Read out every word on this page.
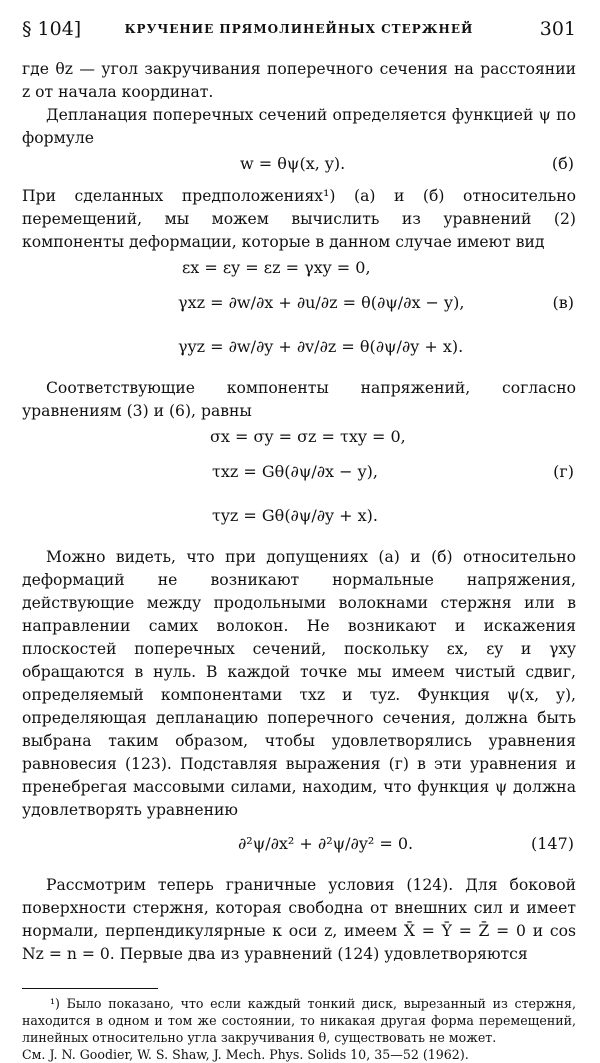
§ 104]	КРУЧЕНИЕ ПРЯМОЛИНЕЙНЫХ СТЕРЖНЕЙ	301

где θz — угол закручивания поперечного сечения на расстоянии z от начала координат.

Депланация поперечных сечений определяется функцией ψ по формуле

w = θψ(x, y).	(б)

При сделанных предположениях¹) (а) и (б) относительно перемещений, мы можем вычислить из уравнений (2) компоненты деформации, которые в данном случае имеют вид

εx = εy = εz = γxy = 0,
γxz = ∂w/∂x + ∂u/∂z = θ(∂ψ/∂x − y),	(в)
γyz = ∂w/∂y + ∂v/∂z = θ(∂ψ/∂y + x).

Соответствующие компоненты напряжений, согласно уравнениям (3) и (6), равны

σx = σy = σz = τxy = 0,
τxz = Gθ(∂ψ/∂x − y),	(г)
τyz = Gθ(∂ψ/∂y + x).

Можно видеть, что при допущениях (а) и (б) относительно деформаций не возникают нормальные напряжения, действующие между продольными волокнами стержня или в направлении самих волокон. Не возникают и искажения плоскостей поперечных сечений, поскольку εx, εy и γxy обращаются в нуль. В каждой точке мы имеем чистый сдвиг, определяемый компонентами τxz и τyz. Функция ψ(x, y), определяющая депланацию поперечного сечения, должна быть выбрана таким образом, чтобы удовлетворялись уравнения равновесия (123). Подставляя выражения (г) в эти уравнения и пренебрегая массовыми силами, находим, что функция ψ должна удовлетворять уравнению

∂²ψ/∂x² + ∂²ψ/∂y² = 0.	(147)

Рассмотрим теперь граничные условия (124). Для боковой поверхности стержня, которая свободна от внешних сил и имеет нормали, перпендикулярные к оси z, имеем X̄ = Ȳ = Z̄ = 0 и cos Nz = n = 0. Первые два из уравнений (124) удовлетворяются

¹) Было показано, что если каждый тонкий диск, вырезанный из стержня, находится в одном и том же состоянии, то никакая другая форма перемещений, линейных относительно угла закручивания θ, существовать не может.

См. J. N. Goodier, W. S. Shaw, J. Mech. Phys. Solids 10, 35—52 (1962).
